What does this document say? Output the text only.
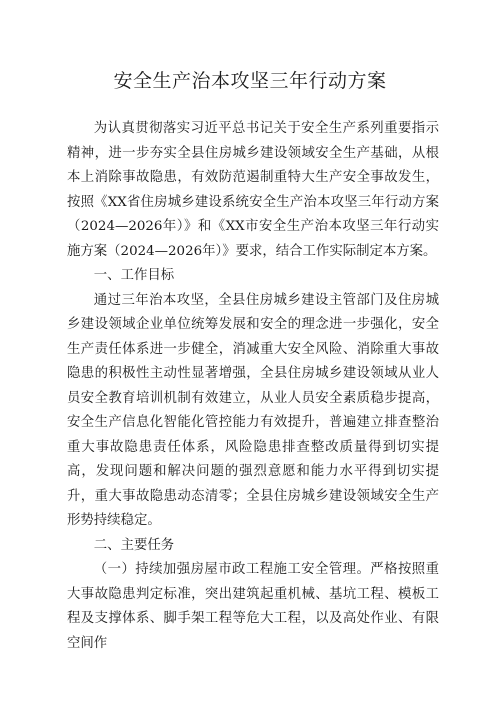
安全生产治本攻坚三年行动方案

为认真贯彻落实习近平总书记关于安全生产系列重要指示精神，进一步夯实全县住房城乡建设领域安全生产基础，从根本上消除事故隐患，有效防范遏制重特大生产安全事故发生，按照《XX省住房城乡建设系统安全生产治本攻坚三年行动方案（2024—2026年）》和《XX市安全生产治本攻坚三年行动实施方案（2024—2026年）》要求，结合工作实际制定本方案。

一、工作目标

通过三年治本攻坚，全县住房城乡建设主管部门及住房城乡建设领域企业单位统筹发展和安全的理念进一步强化，安全生产责任体系进一步健全，消减重大安全风险、消除重大事故隐患的积极性主动性显著增强，全县住房城乡建设领域从业人员安全教育培训机制有效建立，从业人员安全素质稳步提高，安全生产信息化智能化管控能力有效提升，普遍建立排查整治重大事故隐患责任体系，风险隐患排查整改质量得到切实提高，发现问题和解决问题的强烈意愿和能力水平得到切实提升，重大事故隐患动态清零；全县住房城乡建设领域安全生产形势持续稳定。

二、主要任务

（一）持续加强房屋市政工程施工安全管理。严格按照重大事故隐患判定标准，突出建筑起重机械、基坑工程、模板工程及支撑体系、脚手架工程等危大工程，以及高处作业、有限空间作
